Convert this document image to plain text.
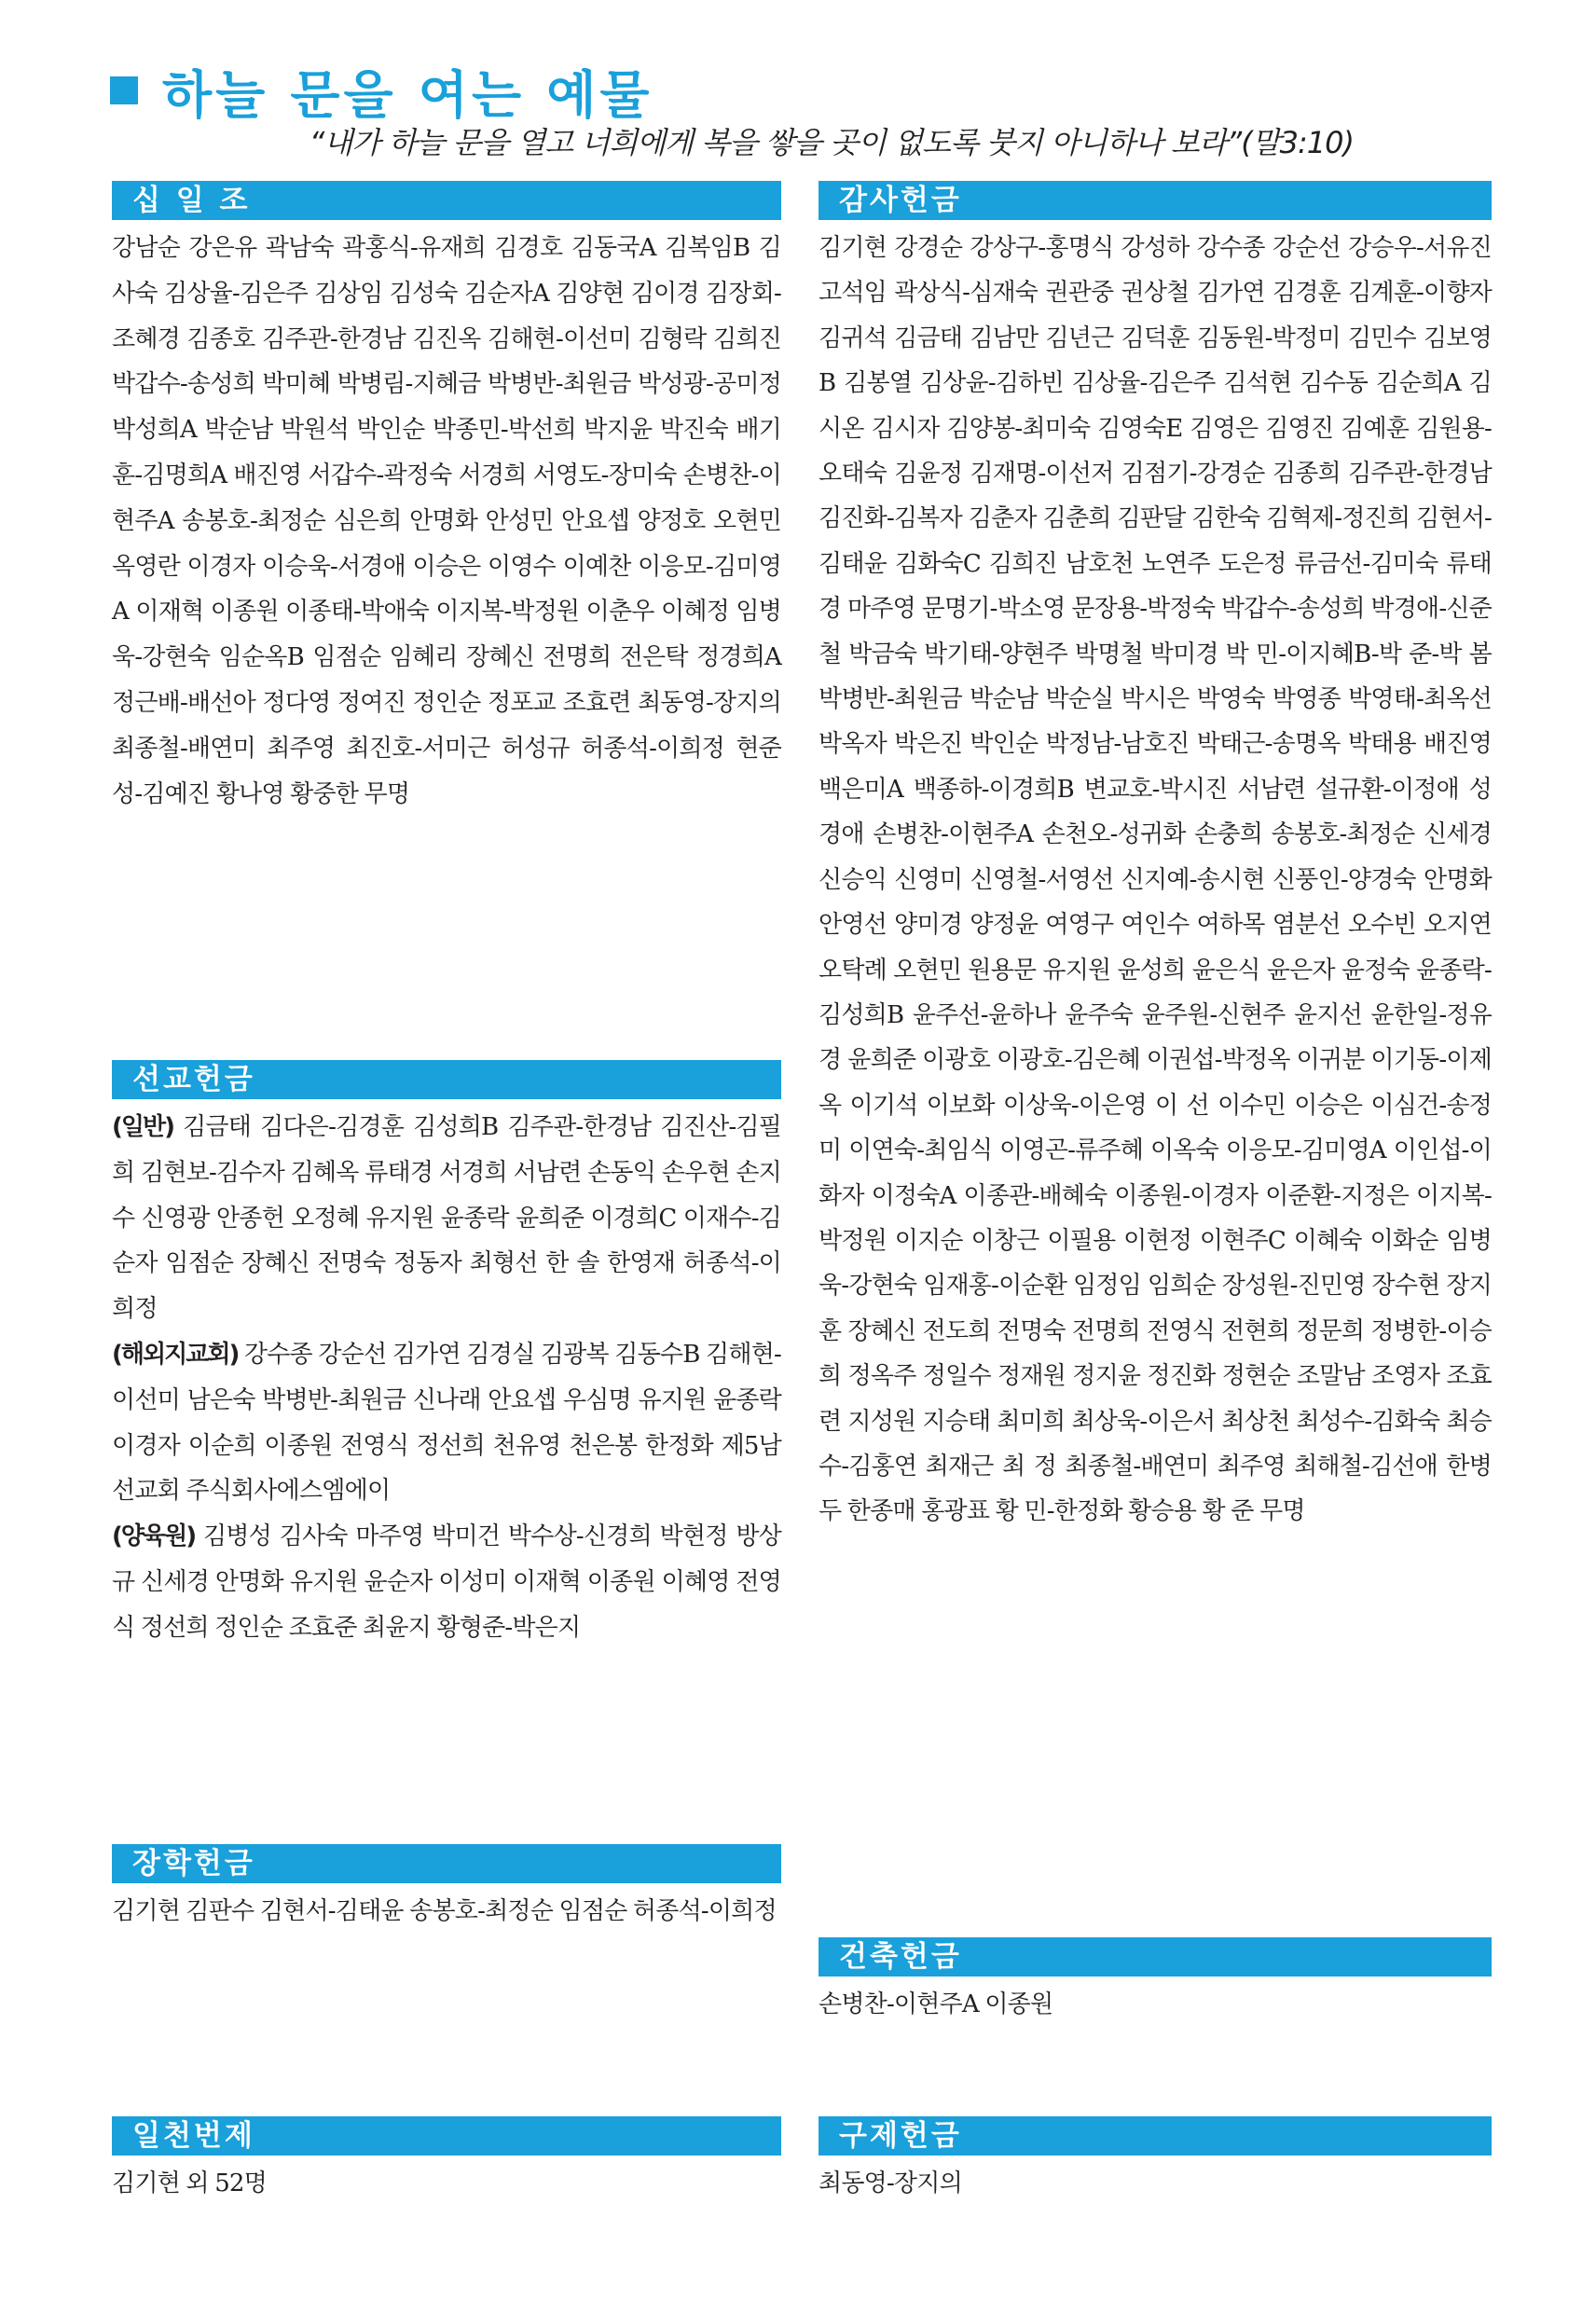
하늘 문을 여는 예물
“내가 하늘 문을 열고 너희에게 복을 쌓을 곳이 없도록 붓지 아니하나 보라”(말3:10)
십 일 조
강남순 강은유 곽남숙 곽홍식-유재희 김경호 김동국A 김복임B 김사숙 김상율-김은주 김상임 김성숙 김순자A 김양현 김이경 김장회-조혜경 김종호 김주관-한경남 김진옥 김해현-이선미 김형락 김희진 박갑수-송성희 박미혜 박병림-지혜금 박병반-최원금 박성광-공미정 박성희A 박순남 박원석 박인순 박종민-박선희 박지윤 박진숙 배기훈-김명희A 배진영 서갑수-곽정숙 서경희 서영도-장미숙 손병찬-이현주A 송봉호-최정순 심은희 안명화 안성민 안요셉 양정호 오현민 옥영란 이경자 이승욱-서경애 이승은 이영수 이예찬 이응모-김미영A 이재혁 이종원 이종태-박애숙 이지복-박정원 이춘우 이혜정 임병욱-강현숙 임순옥B 임점순 임혜리 장혜신 전명희 전은탁 정경희A 정근배-배선아 정다영 정여진 정인순 정포교 조효련 최동영-장지의 최종철-배연미 최주영 최진호-서미근 허성규 허종석-이희정 현준성-김예진 황나영 황중한 무명
선교헌금

(일반) 김금태 김다은-김경훈 김성희B 김주관-한경남 김진산-김필희 김현보-김수자 김혜옥 류태경 서경희 서남련 손동익 손우현 손지수 신영광 안종헌 오정혜 유지원 윤종락 윤희준 이경희C 이재수-김순자 임점순 장혜신 전명숙 정동자 최형선 한 솔 한영재 허종석-이희정

(해외지교회) 강수종 강순선 김가연 김경실 김광복 김동수B 김해현-이선미 남은숙 박병반-최원금 신나래 안요셉 우심명 유지원 윤종락 이경자 이순희 이종원 전영식 정선희 천유영 천은봉 한정화 제5남선교회 주식회사에스엠에이

(양육원) 김병성 김사숙 마주영 박미건 박수상-신경희 박현정 방상규 신세경 안명화 유지원 윤순자 이성미 이재혁 이종원 이혜영 전영식 정선희 정인순 조효준 최윤지 황형준-박은지

장학헌금
김기현 김판수 김현서-김태윤 송봉호-최정순 임점순 허종석-이희정
일천번제
김기현 외 52명
감사헌금
김기현 강경순 강상구-홍명식 강성하 강수종 강순선 강승우-서유진 고석임 곽상식-심재숙 권관중 권상철 김가연 김경훈 김계훈-이향자 김귀석 김금태 김남만 김년근 김덕훈 김동원-박정미 김민수 김보영B 김봉열 김상윤-김하빈 김상율-김은주 김석현 김수동 김순희A 김시온 김시자 김양봉-최미숙 김영숙E 김영은 김영진 김예훈 김원용-오태숙 김윤정 김재명-이선저 김점기-강경순 김종희 김주관-한경남 김진화-김복자 김춘자 김춘희 김판달 김한숙 김혁제-정진희 김현서-김태윤 김화숙C 김희진 남호천 노연주 도은정 류금선-김미숙 류태경 마주영 문명기-박소영 문장용-박정숙 박갑수-송성희 박경애-신준철 박금숙 박기태-양현주 박명철 박미경 박 민-이지혜B-박 준-박 봄 박병반-최원금 박순남 박순실 박시은 박영숙 박영종 박영태-최옥선 박옥자 박은진 박인순 박정남-남호진 박태근-송명옥 박태용 배진영 백은미A 백종하-이경희B 변교호-박시진 서남련 설규환-이정애 성경애 손병찬-이현주A 손천오-성귀화 손충희 송봉호-최정순 신세경 신승익 신영미 신영철-서영선 신지예-송시현 신풍인-양경숙 안명화 안영선 양미경 양정윤 여영구 여인수 여하목 염분선 오수빈 오지연 오탁례 오현민 원용문 유지원 윤성희 윤은식 윤은자 윤정숙 윤종락-김성희B 윤주선-윤하나 윤주숙 윤주원-신현주 윤지선 윤한일-정유경 윤희준 이광호 이광호-김은혜 이권섭-박정옥 이귀분 이기동-이제옥 이기석 이보화 이상욱-이은영 이 선 이수민 이승은 이심건-송정미 이연숙-최임식 이영곤-류주혜 이옥숙 이응모-김미영A 이인섭-이화자 이정숙A 이종관-배혜숙 이종원-이경자 이준환-지정은 이지복-박정원 이지순 이창근 이필용 이현정 이현주C 이혜숙 이화순 임병욱-강현숙 임재홍-이순환 임정임 임희순 장성원-진민영 장수현 장지훈 장혜신 전도희 전명숙 전명희 전영식 전현희 정문희 정병한-이승희 정옥주 정일수 정재원 정지윤 정진화 정현순 조말남 조영자 조효련 지성원 지승태 최미희 최상욱-이은서 최상천 최성수-김화숙 최승수-김홍연 최재근 최 정 최종철-배연미 최주영 최해철-김선애 한병두 한종매 홍광표 황 민-한정화 황승용 황 준 무명
건축헌금
손병찬-이현주A 이종원
구제헌금
최동영-장지의
